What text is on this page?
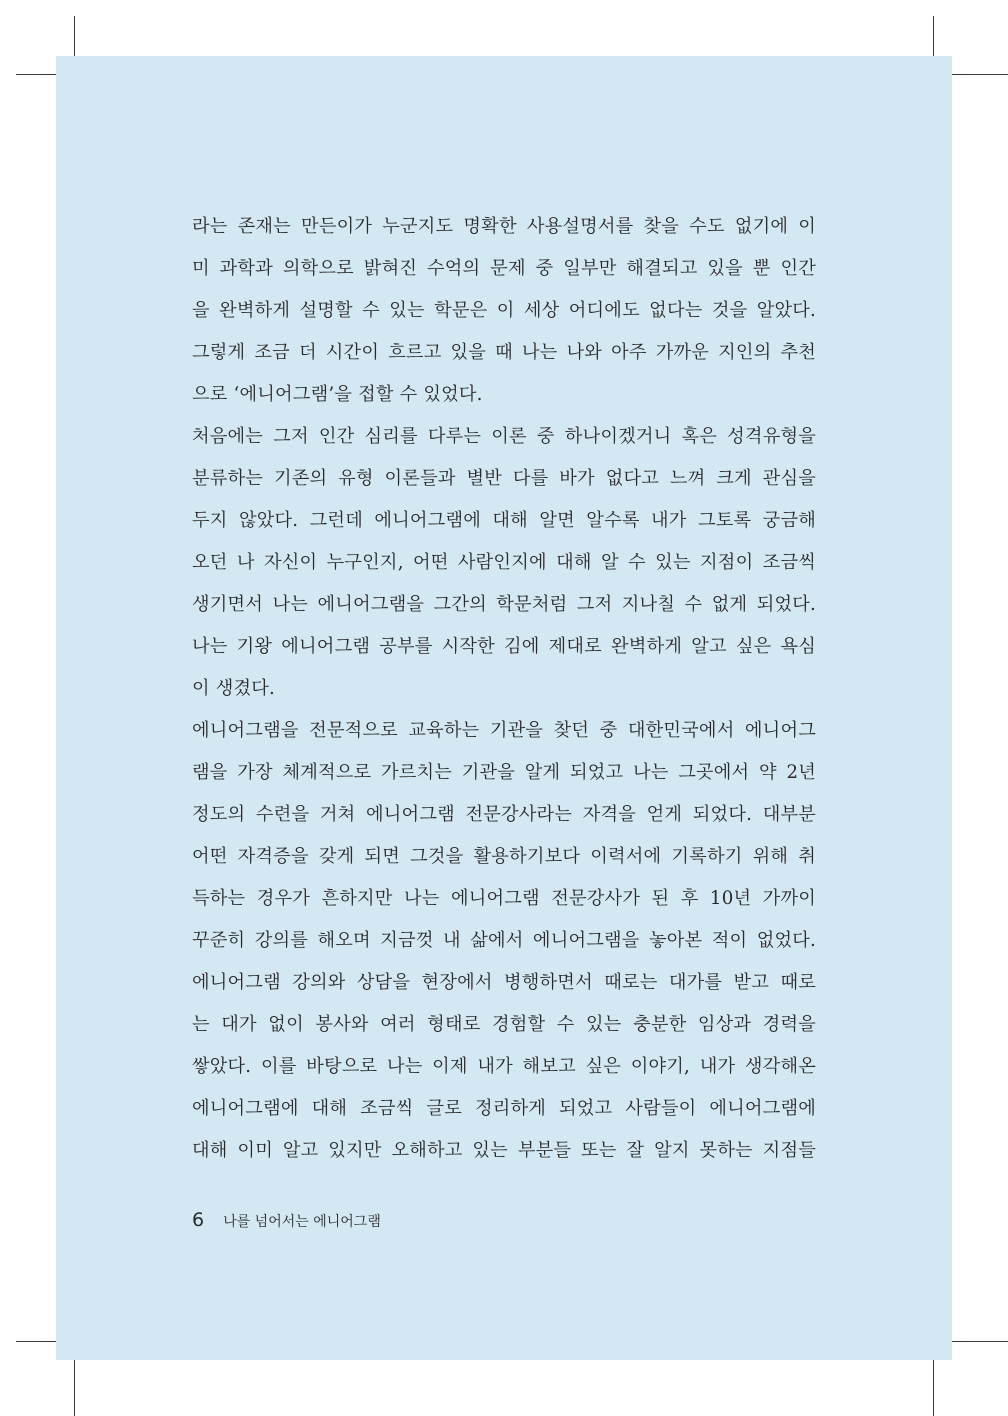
라는 존재는 만든이가 누군지도 명확한 사용설명서를 찾을 수도 없기에 이
미 과학과 의학으로 밝혀진 수억의 문제 중 일부만 해결되고 있을 뿐 인간
을 완벽하게 설명할 수 있는 학문은 이 세상 어디에도 없다는 것을 알았다.
그렇게 조금 더 시간이 흐르고 있을 때 나는 나와 아주 가까운 지인의 추천
으로 ‘에니어그램’을 접할 수 있었다.
처음에는 그저 인간 심리를 다루는 이론 중 하나이겠거니 혹은 성격유형을
분류하는 기존의 유형 이론들과 별반 다를 바가 없다고 느껴 크게 관심을
두지 않았다. 그런데 에니어그램에 대해 알면 알수록 내가 그토록 궁금해
오던 나 자신이 누구인지, 어떤 사람인지에 대해 알 수 있는 지점이 조금씩
생기면서 나는 에니어그램을 그간의 학문처럼 그저 지나칠 수 없게 되었다.
나는 기왕 에니어그램 공부를 시작한 김에 제대로 완벽하게 알고 싶은 욕심
이 생겼다.
에니어그램을 전문적으로 교육하는 기관을 찾던 중 대한민국에서 에니어그
램을 가장 체계적으로 가르치는 기관을 알게 되었고 나는 그곳에서 약 2년
정도의 수련을 거쳐 에니어그램 전문강사라는 자격을 얻게 되었다. 대부분
어떤 자격증을 갖게 되면 그것을 활용하기보다 이력서에 기록하기 위해 취
득하는 경우가 흔하지만 나는 에니어그램 전문강사가 된 후 10년 가까이
꾸준히 강의를 해오며 지금껏 내 삶에서 에니어그램을 놓아본 적이 없었다.
에니어그램 강의와 상담을 현장에서 병행하면서 때로는 대가를 받고 때로
는 대가 없이 봉사와 여러 형태로 경험할 수 있는 충분한 임상과 경력을
쌓았다. 이를 바탕으로 나는 이제 내가 해보고 싶은 이야기, 내가 생각해온
에니어그램에 대해 조금씩 글로 정리하게 되었고 사람들이 에니어그램에
대해 이미 알고 있지만 오해하고 있는 부분들 또는 잘 알지 못하는 지점들
6 나를 넘어서는 에니어그램
